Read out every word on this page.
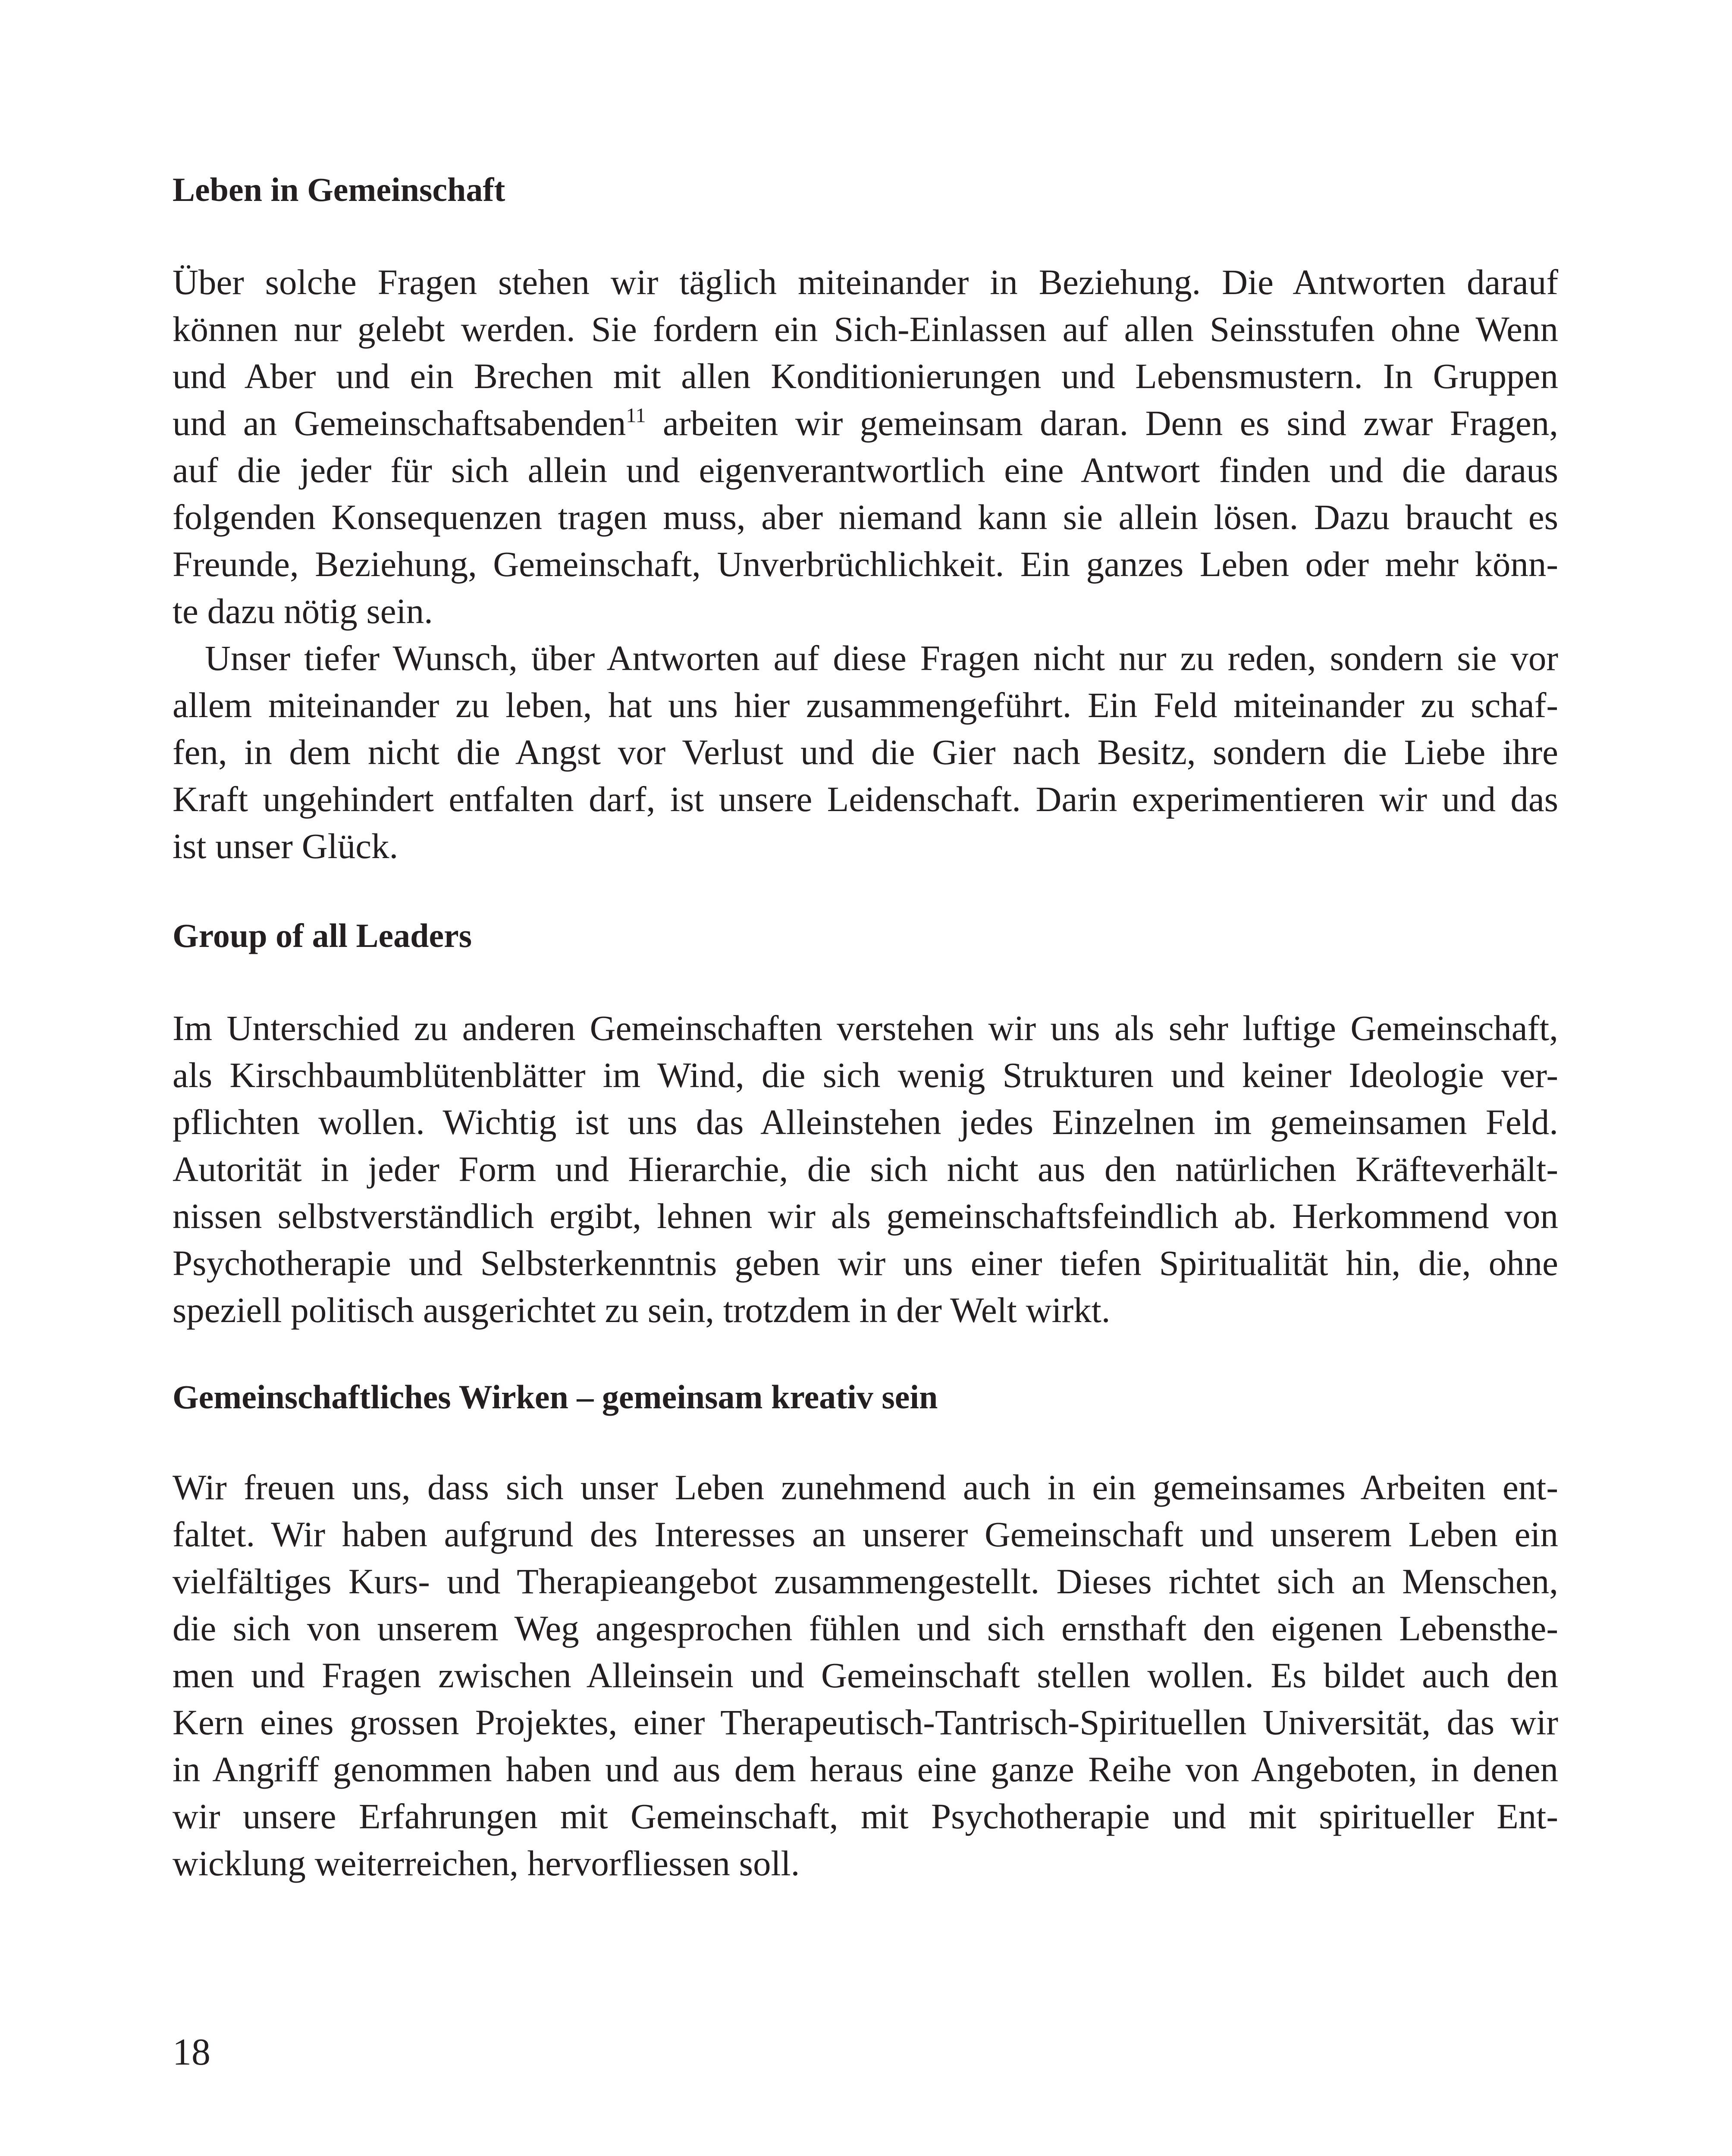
Leben in Gemeinschaft
Über solche Fragen stehen wir täglich miteinander in Beziehung. Die Antworten darauf
können nur gelebt werden. Sie fordern ein Sich-Einlassen auf allen Seinsstufen ohne Wenn
und Aber und ein Brechen mit allen Konditionierungen und Lebensmustern. In Gruppen
und an Gemeinschaftsabenden$^{11}$ arbeiten wir gemeinsam daran. Denn es sind zwar Fragen,
auf die jeder für sich allein und eigenverantwortlich eine Antwort finden und die daraus
folgenden Konsequenzen tragen muss, aber niemand kann sie allein lösen. Dazu braucht es
Freunde, Beziehung, Gemeinschaft, Unverbrüchlichkeit. Ein ganzes Leben oder mehr könn-
te dazu nötig sein.
Unser tiefer Wunsch, über Antworten auf diese Fragen nicht nur zu reden, sondern sie vor
allem miteinander zu leben, hat uns hier zusammengeführt. Ein Feld miteinander zu schaf-
fen, in dem nicht die Angst vor Verlust und die Gier nach Besitz, sondern die Liebe ihre
Kraft ungehindert entfalten darf, ist unsere Leidenschaft. Darin experimentieren wir und das
ist unser Glück.
Group of all Leaders
Im Unterschied zu anderen Gemeinschaften verstehen wir uns als sehr luftige Gemeinschaft,
als Kirschbaumblütenblätter im Wind, die sich wenig Strukturen und keiner Ideologie ver-
pflichten wollen. Wichtig ist uns das Alleinstehen jedes Einzelnen im gemeinsamen Feld.
Autorität in jeder Form und Hierarchie, die sich nicht aus den natürlichen Kräfteverhält-
nissen selbstverständlich ergibt, lehnen wir als gemeinschaftsfeindlich ab. Herkommend von
Psychotherapie und Selbsterkenntnis geben wir uns einer tiefen Spiritualität hin, die, ohne
speziell politisch ausgerichtet zu sein, trotzdem in der Welt wirkt.
Gemeinschaftliches Wirken – gemeinsam kreativ sein
Wir freuen uns, dass sich unser Leben zunehmend auch in ein gemeinsames Arbeiten ent-
faltet. Wir haben aufgrund des Interesses an unserer Gemeinschaft und unserem Leben ein
vielfältiges Kurs- und Therapieangebot zusammengestellt. Dieses richtet sich an Menschen,
die sich von unserem Weg angesprochen fühlen und sich ernsthaft den eigenen Lebensthe-
men und Fragen zwischen Alleinsein und Gemeinschaft stellen wollen. Es bildet auch den
Kern eines grossen Projektes, einer Therapeutisch-Tantrisch-Spirituellen Universität, das wir
in Angriff genommen haben und aus dem heraus eine ganze Reihe von Angeboten, in denen
wir unsere Erfahrungen mit Gemeinschaft, mit Psychotherapie und mit spiritueller Ent-
wicklung weiterreichen, hervorfliessen soll.

18
